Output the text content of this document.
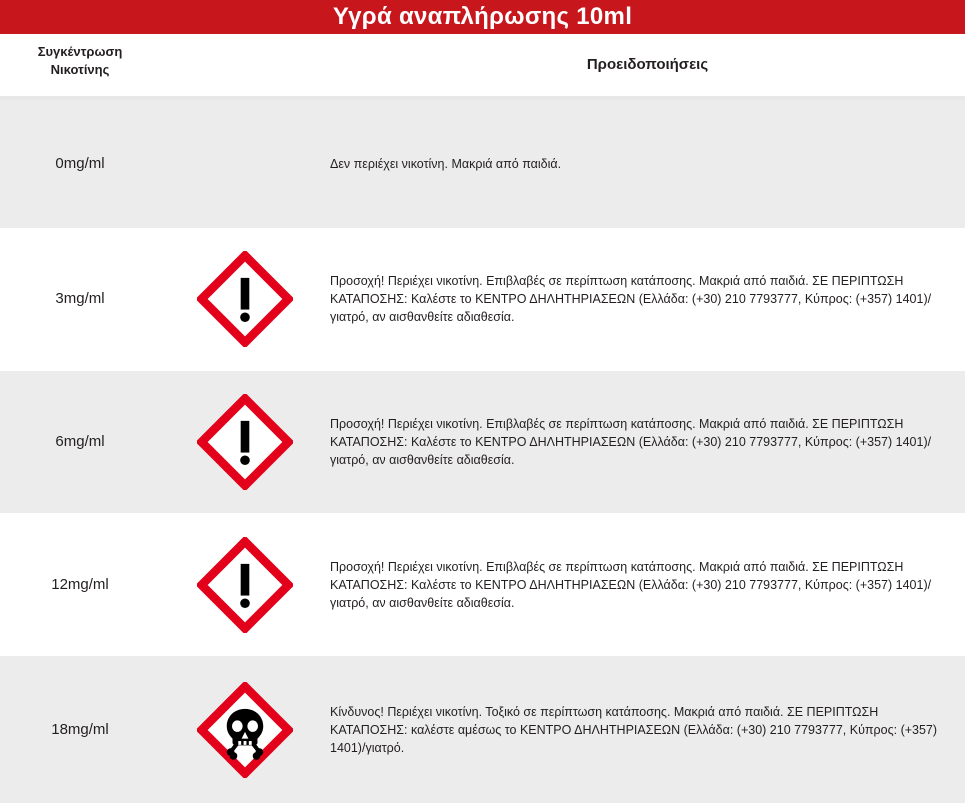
Υγρά αναπλήρωσης 10ml
Συγκέντρωση
Νικοτίνης	Προειδοποιήσεις
0mg/ml	Δεν περιέχει νικοτίνη. Μακριά από παιδιά.
3mg/ml
Προσοχή! Περιέχει νικοτίνη. Επιβλαβές σε περίπτωση κατάποσης. Μακριά από παιδιά. ΣΕ ΠΕΡΙΠΤΩΣΗ ΚΑΤΑΠΟΣΗΣ: Καλέστε το ΚΕΝΤΡΟ ΔΗΛΗΤΗΡΙΑΣΕΩΝ (Ελλάδα: (+30) 210 7793777, Κύπρος: (+357) 1401)/γιατρό, αν αισθανθείτε αδιαθεσία.
6mg/ml
Προσοχή! Περιέχει νικοτίνη. Επιβλαβές σε περίπτωση κατάποσης. Μακριά από παιδιά. ΣΕ ΠΕΡΙΠΤΩΣΗ ΚΑΤΑΠΟΣΗΣ: Καλέστε το ΚΕΝΤΡΟ ΔΗΛΗΤΗΡΙΑΣΕΩΝ (Ελλάδα: (+30) 210 7793777, Κύπρος: (+357) 1401)/γιατρό, αν αισθανθείτε αδιαθεσία.
12mg/ml
Προσοχή! Περιέχει νικοτίνη. Επιβλαβές σε περίπτωση κατάποσης. Μακριά από παιδιά. ΣΕ ΠΕΡΙΠΤΩΣΗ ΚΑΤΑΠΟΣΗΣ: Καλέστε το ΚΕΝΤΡΟ ΔΗΛΗΤΗΡΙΑΣΕΩΝ (Ελλάδα: (+30) 210 7793777, Κύπρος: (+357) 1401)/γιατρό, αν αισθανθείτε αδιαθεσία.
18mg/ml
Κίνδυνος! Περιέχει νικοτίνη. Τοξικό σε περίπτωση κατάποσης. Μακριά από παιδιά. ΣΕ ΠΕΡΙΠΤΩΣΗ ΚΑΤΑΠΟΣΗΣ: καλέστε αμέσως το ΚΕΝΤΡΟ ΔΗΛΗΤΗΡΙΑΣΕΩΝ (Ελλάδα: (+30) 210 7793777, Κύπρος: (+357) 1401)/γιατρό.
